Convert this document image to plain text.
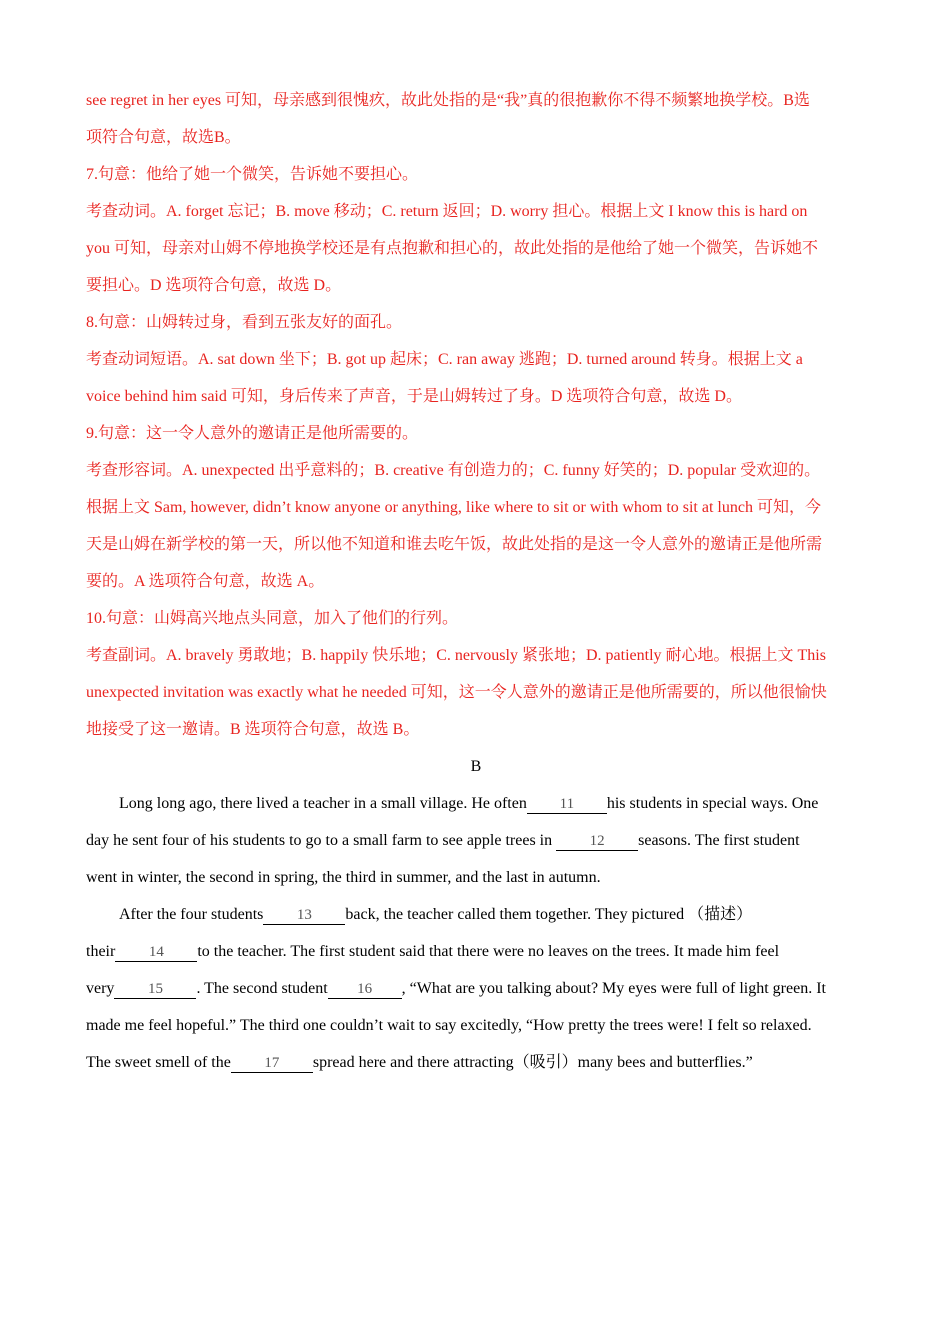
see regret in her eyes 可知，母亲感到很愧疚，故此处指的是“我”真的很抱歉你不得不频繁地换学校。B选
项符合句意，故选B。
7.句意：他给了她一个微笑，告诉她不要担心。
考查动词。A. forget 忘记；B. move 移动；C. return 返回；D. worry 担心。根据上文 I know this is hard on
you 可知，母亲对山姆不停地换学校还是有点抱歉和担心的，故此处指的是他给了她一个微笑，告诉她不
要担心。D 选项符合句意，故选 D。
8.句意：山姆转过身，看到五张友好的面孔。
考查动词短语。A. sat down 坐下；B. got up 起床；C. ran away 逃跑；D. turned around 转身。根据上文 a
voice behind him said 可知，身后传来了声音，于是山姆转过了身。D 选项符合句意，故选 D。
9.句意：这一令人意外的邀请正是他所需要的。
考查形容词。A. unexpected 出乎意料的；B. creative 有创造力的；C. funny 好笑的；D. popular 受欢迎的。
根据上文 Sam, however, didn’t know anyone or anything, like where to sit or with whom to sit at lunch 可知，今
天是山姆在新学校的第一天，所以他不知道和谁去吃午饭，故此处指的是这一令人意外的邀请正是他所需
要的。A 选项符合句意，故选 A。
10.句意：山姆高兴地点头同意，加入了他们的行列。
考查副词。A. bravely 勇敢地；B. happily 快乐地；C. nervously 紧张地；D. patiently 耐心地。根据上文 This
unexpected invitation was exactly what he needed 可知，这一令人意外的邀请正是他所需要的，所以他很愉快
地接受了这一邀请。B 选项符合句意，故选 B。
B
Long long ago, there lived a teacher in a small village. He often 11 his students in special ways. One
day he sent four of his students to go to a small farm to see apple trees in 12 seasons. The first student
went in winter, the second in spring, the third in summer, and the last in autumn.
After the four students 13 back, the teacher called them together. They pictured （描述）
their 14 to the teacher. The first student said that there were no leaves on the trees. It made him feel
very 15 . The second student 16 , “What are you talking about? My eyes were full of light green. It
made me feel hopeful.” The third one couldn’t wait to say excitedly, “How pretty the trees were! I felt so relaxed.
The sweet smell of the 17 spread here and there attracting（吸引）many bees and butterflies.”
